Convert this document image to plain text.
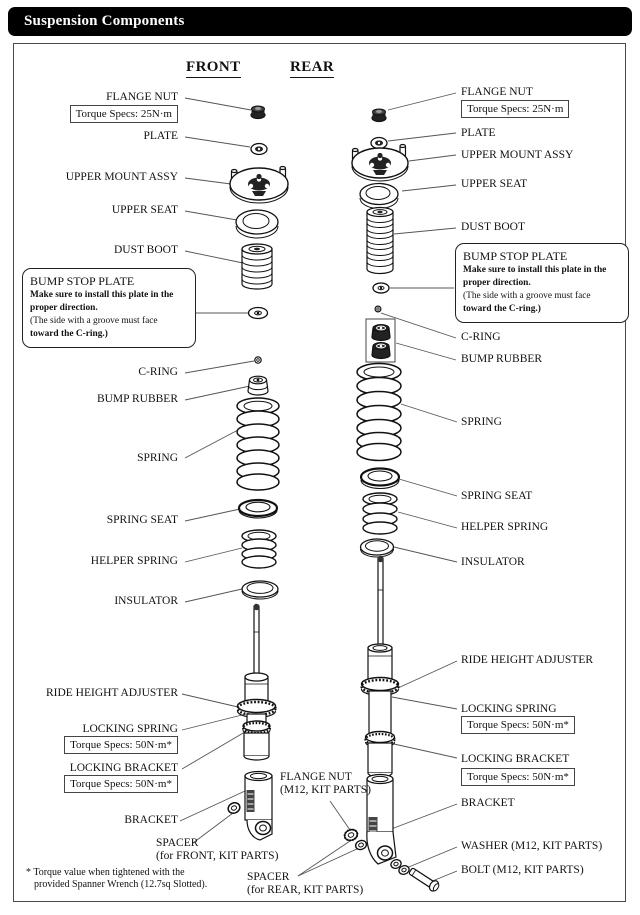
Suspension Components
FRONT	REAR
FLANGE NUT
Torque Specs: 25N·m
PLATE
UPPER MOUNT ASSY
UPPER SEAT
DUST BOOT
BUMP STOP PLATE
Make sure to install this plate in the
proper direction.
(The side with a groove must face
toward the C-ring.)
C-RING
BUMP RUBBER
SPRING
SPRING SEAT
HELPER SPRING
INSULATOR
RIDE HEIGHT ADJUSTER
LOCKING SPRING
Torque Specs: 50N·m*
LOCKING BRACKET
Torque Specs: 50N·m*
BRACKET
SPACER
(for FRONT, KIT PARTS)
FLANGE NUT
(M12, KIT PARTS)
FLANGE NUT
Torque Specs: 25N·m
PLATE
UPPER MOUNT ASSY
UPPER SEAT
DUST BOOT
BUMP STOP PLATE
Make sure to install this plate in the
proper direction.
(The side with a groove must face
toward the C-ring.)
C-RING
BUMP RUBBER
SPRING
SPRING SEAT
HELPER SPRING
INSULATOR
RIDE HEIGHT ADJUSTER
LOCKING SPRING
Torque Specs: 50N·m*
LOCKING BRACKET
Torque Specs: 50N·m*
BRACKET
WASHER (M12, KIT PARTS)
BOLT (M12, KIT PARTS)
SPACER
(for REAR, KIT PARTS)
* Torque value when tightened with the
provided Spanner Wrench (12.7sq Slotted).
